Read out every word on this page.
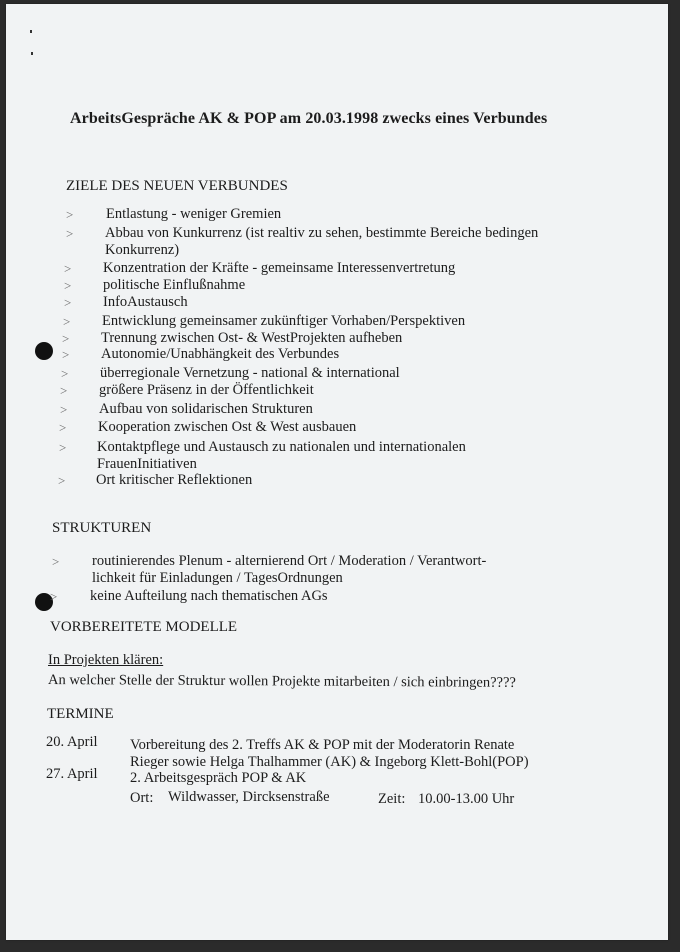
ArbeitsGespräche AK & POP am 20.03.1998 zwecks eines Verbundes
ZIELE DES NEUEN VERBUNDES
> Entlastung - weniger Gremien
> Abbau von Kunkurrenz (ist realtiv zu sehen, bestimmte Bereiche bedingen
Konkurrenz)
> Konzentration der Kräfte - gemeinsame Interessenvertretung
> politische Einflußnahme
> InfoAustausch
> Entwicklung gemeinsamer zukünftiger Vorhaben/Perspektiven
> Trennung zwischen Ost- & WestProjekten aufheben
> Autonomie/Unabhängkeit des Verbundes
> überregionale Vernetzung - national & international
> größere Präsenz in der Öffentlichkeit
> Aufbau von solidarischen Strukturen
> Kooperation zwischen Ost & West ausbauen
> Kontaktpflege und Austausch zu nationalen und internationalen
FrauenInitiativen
> Ort kritischer Reflektionen
STRUKTUREN
> routinierendes Plenum - alternierend Ort / Moderation / Verantwort-
lichkeit für Einladungen / TagesOrdnungen
> keine Aufteilung nach thematischen AGs
VORBEREITETE MODELLE
In Projekten klären:
An welcher Stelle der Struktur wollen Projekte mitarbeiten / sich einbringen????
TERMINE
20. April Vorbereitung des 2. Treffs AK & POP mit der Moderatorin Renate
Rieger sowie Helga Thalhammer (AK) & Ingeborg Klett-Bohl(POP)
27. April 2. Arbeitsgespräch POP & AK
Ort: Wildwasser, Dircksenstraße	Zeit: 10.00-13.00 Uhr
